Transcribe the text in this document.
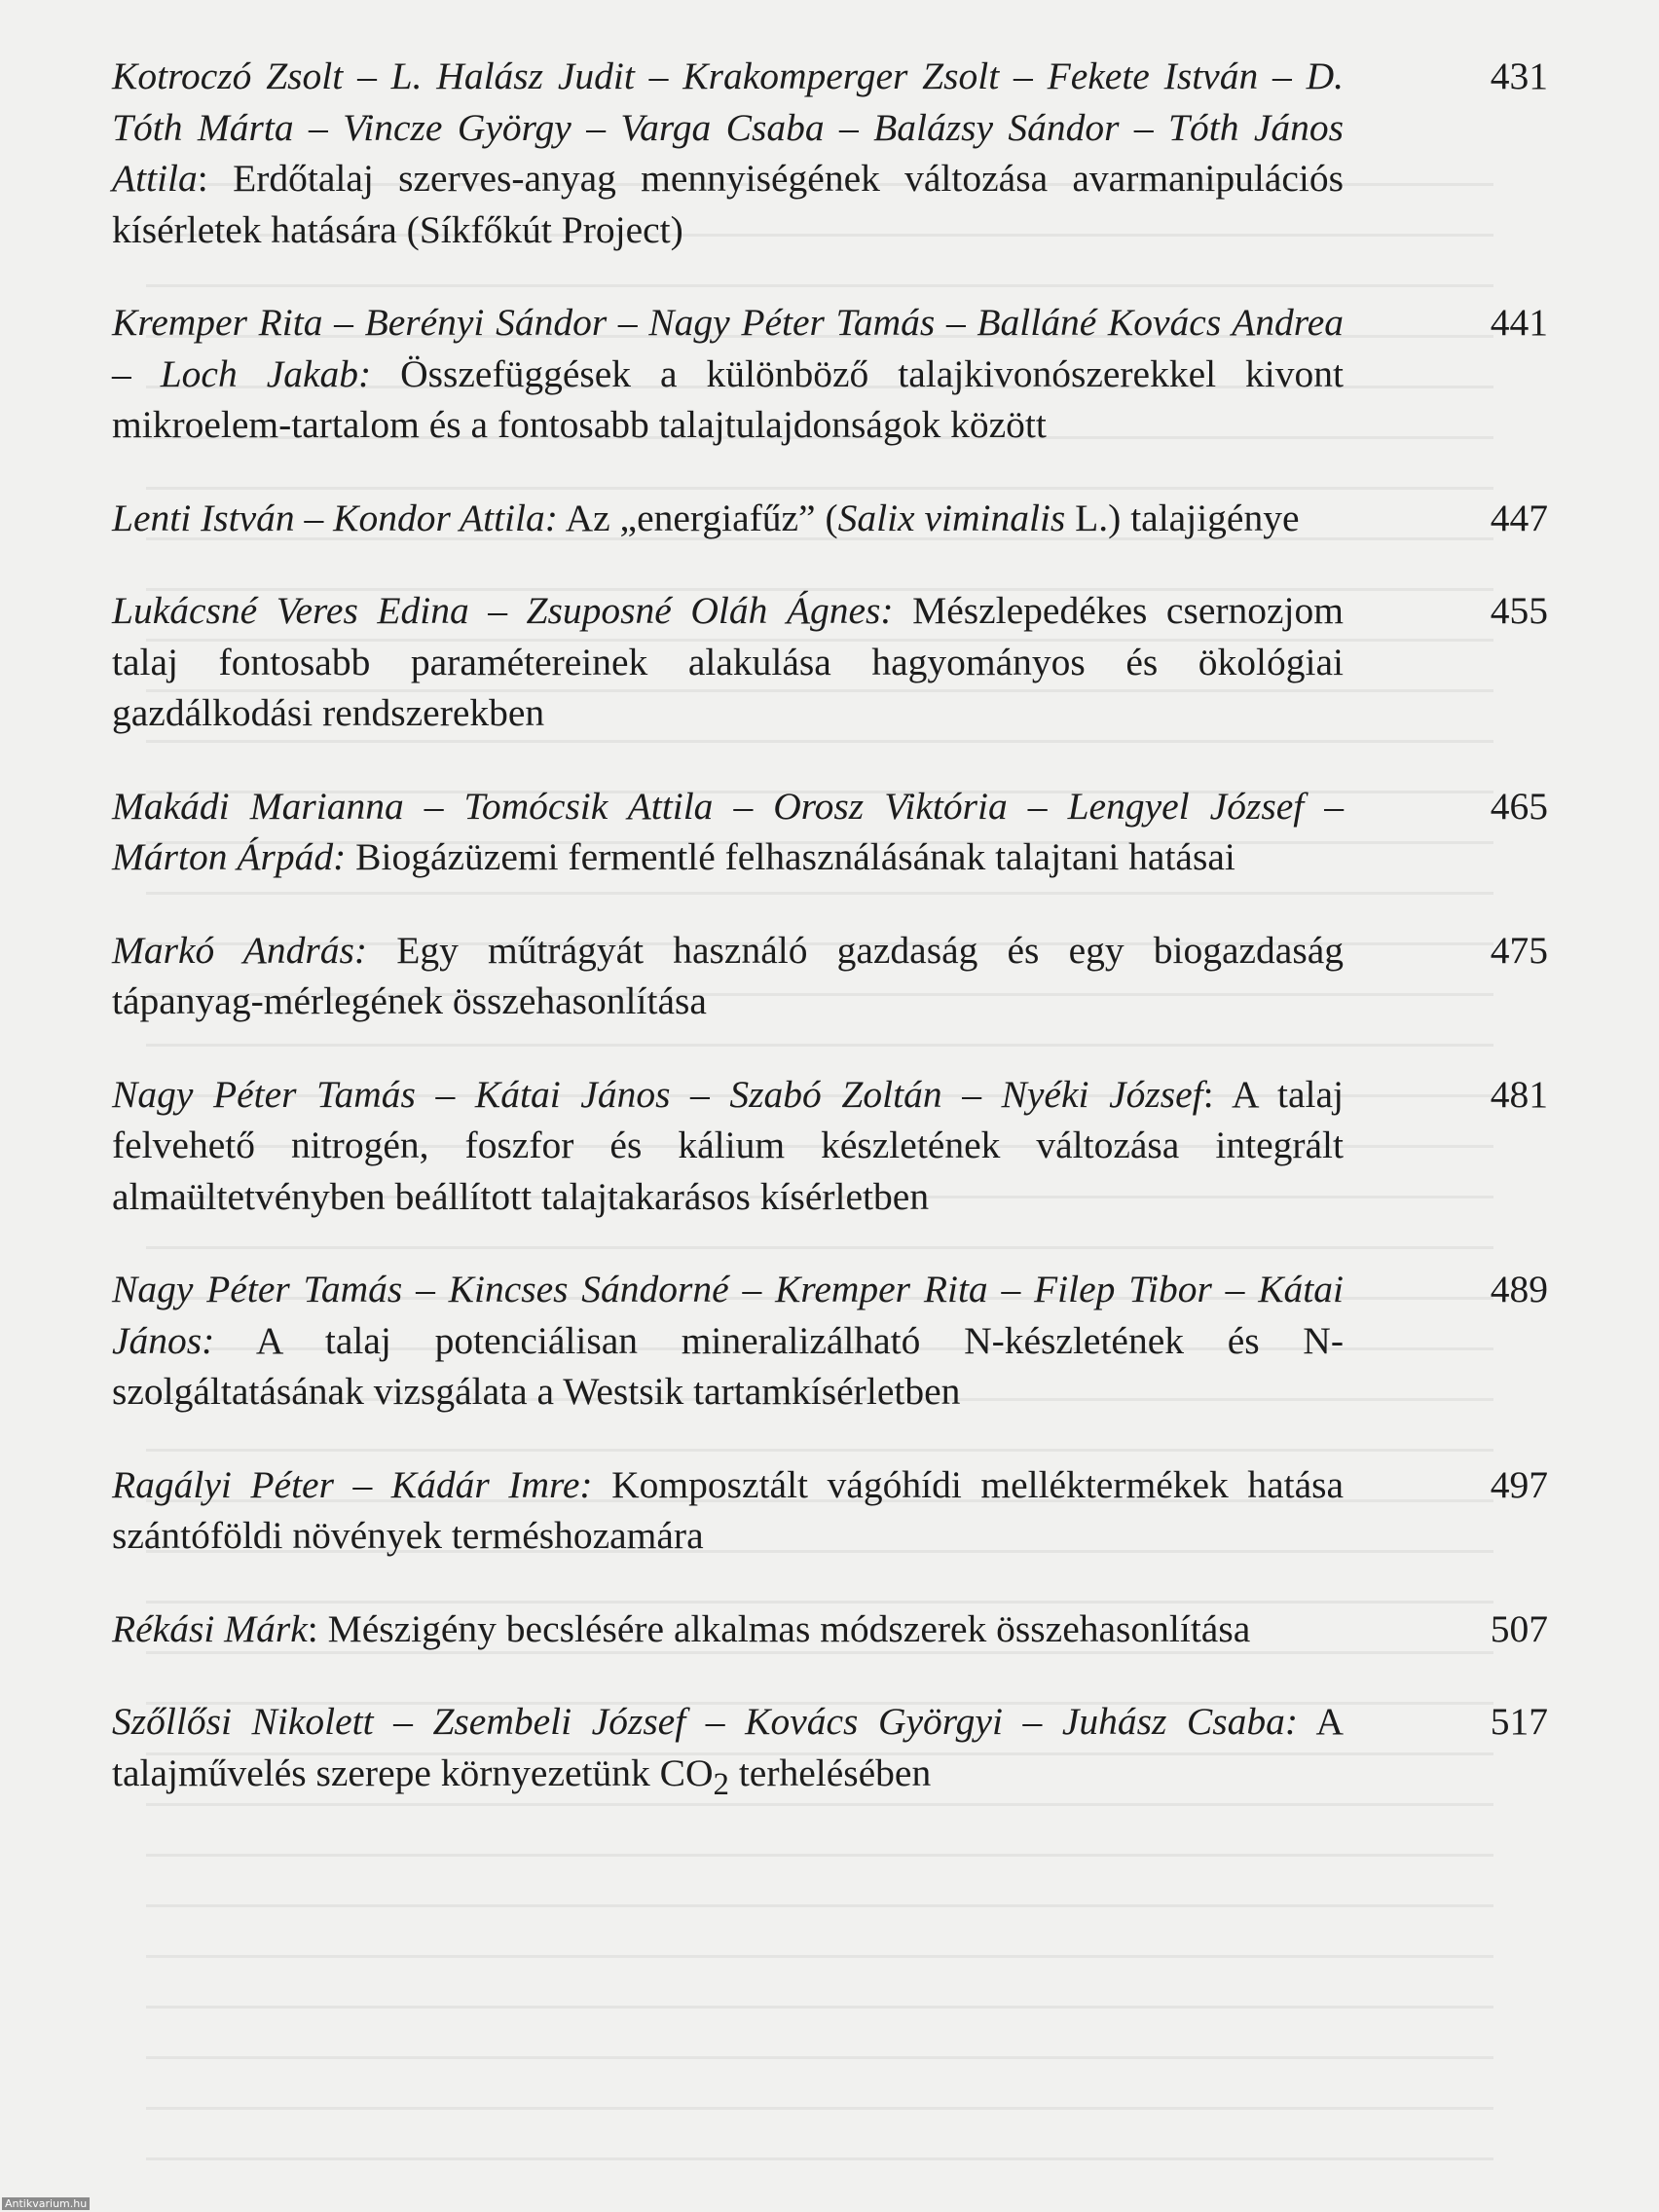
Kotroczó Zsolt – L. Halász Judit – Krakomperger Zsolt – Fekete István – D. Tóth Márta – Vincze György – Varga Csaba – Balázsy Sándor – Tóth János Attila: Erdőtalaj szerves-anyag mennyiségének változása avarmanipulációs kísérletek hatására (Síkfőkút Project)

431

Kremper Rita – Berényi Sándor – Nagy Péter Tamás – Balláné Kovács Andrea – Loch Jakab: Összefüggések a különböző talajkivonószerekkel kivont mikroelem-tartalom és a fontosabb talajtulajdonságok között

441

Lenti István – Kondor Attila: Az „energiafűz” (Salix viminalis L.) talajigénye	447

Lukácsné Veres Edina – Zsuposné Oláh Ágnes: Mészlepedékes csernozjom talaj fontosabb paramétereinek alakulása hagyományos és ökológiai gazdálkodási rendszerekben

455

Makádi Marianna – Tomócsik Attila – Orosz Viktória – Lengyel József – Márton Árpád: Biogázüzemi fermentlé felhasználásának talajtani hatásai

465

Markó András: Egy műtrágyát használó gazdaság és egy biogazdaság tápanyag-mérlegének összehasonlítása

475

Nagy Péter Tamás – Kátai János – Szabó Zoltán – Nyéki József: A talaj felvehető nitrogén, foszfor és kálium készletének változása integrált almaültetvényben beállított talajtakarásos kísérletben

481

Nagy Péter Tamás – Kincses Sándorné – Kremper Rita – Filep Tibor – Kátai János: A talaj potenciálisan mineralizálható N-készletének és N-szolgáltatásának vizsgálata a Westsik tartamkísérletben

489

Ragályi Péter – Kádár Imre: Komposztált vágóhídi melléktermékek hatása szántóföldi növények terméshozamára

497

Rékási Márk: Mészigény becslésére alkalmas módszerek összehasonlítása	507

Szőllősi Nikolett – Zsembeli József – Kovács Györgyi – Juhász Csaba: A talajművelés szerepe környezetünk $CO_2$ terhelésében

517
Antikvarium.hu
